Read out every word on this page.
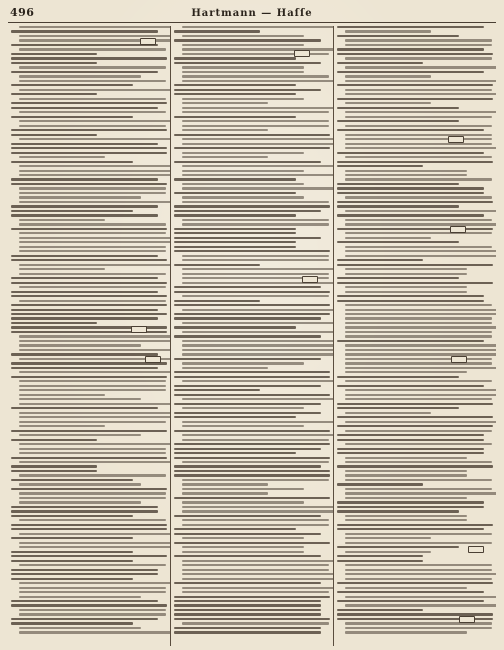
496	Hartmann — Haſſe
